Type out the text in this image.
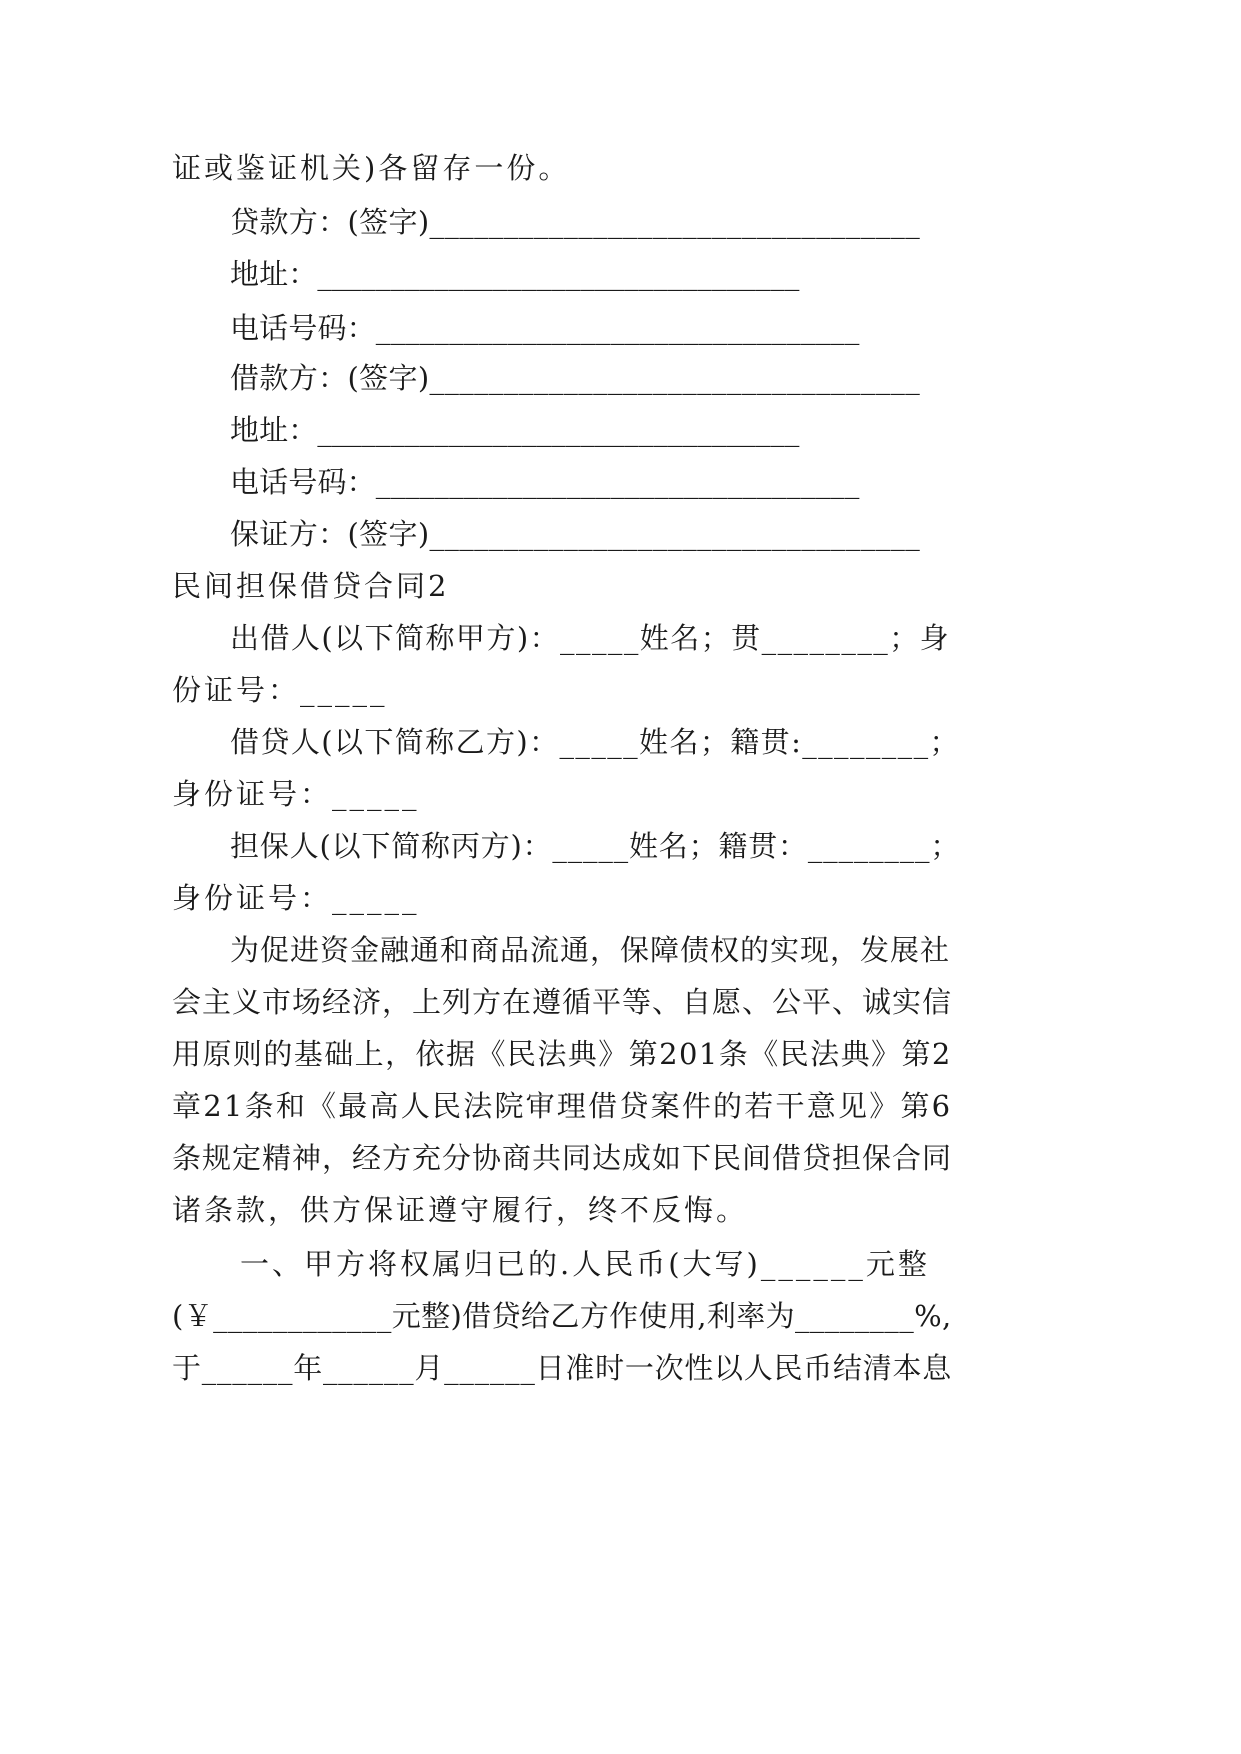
证或鉴证机关)各留存一份。
贷款方：(签字)_________________________________
地址：_________________________________
电话号码：_________________________________
借款方：(签字)_________________________________
地址：_________________________________
电话号码：_________________________________
保证方：(签字)_________________________________
民间担保借贷合同2
出借人(以下简称甲方)：_____姓名；贯________；身
份证号：_____
借贷人(以下简称乙方)：_____姓名；籍贯:________；
身份证号：_____
担保人(以下简称丙方)：_____姓名；籍贯：________；
身份证号：_____
为促进资金融通和商品流通，保障债权的实现，发展社
会主义市场经济，上列方在遵循平等、自愿、公平、诚实信
用原则的基础上，依据《民法典》第201条《民法典》第2
章21条和《最高人民法院审理借贷案件的若干意见》第6
条规定精神，经方充分协商共同达成如下民间借贷担保合同
诸条款，供方保证遵守履行，终不反悔。
一、甲方将权属归已的.人民币(大写)______元整
(￥____________元整)借贷给乙方作使用,利率为________%,
于______年______月______日准时一次性以人民币结清本息
